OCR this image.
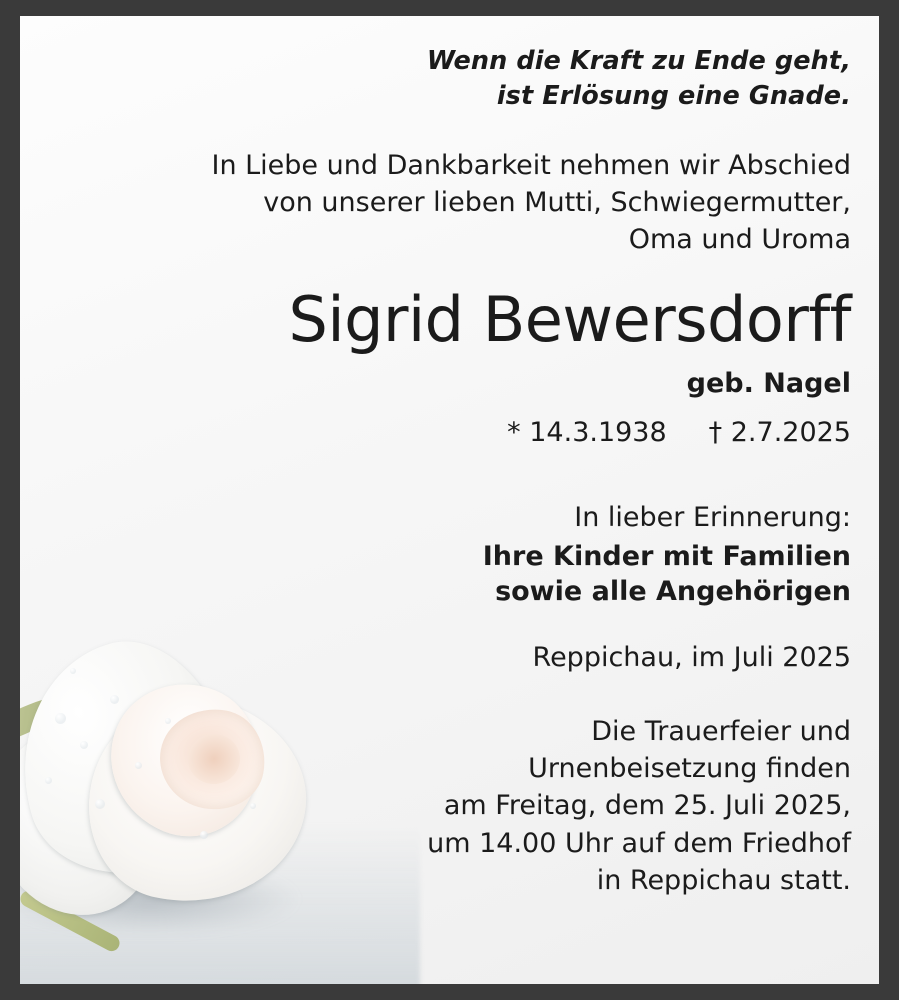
Wenn die Kraft zu Ende geht,
ist Erlösung eine Gnade.
In Liebe und Dankbarkeit nehmen wir Abschied
von unserer lieben Mutti, Schwiegermutter,
Oma und Uroma
Sigrid Bewersdorff
geb. Nagel
* 14.3.1938 † 2.7.2025
In lieber Erinnerung:
Ihre Kinder mit Familien
sowie alle Angehörigen
Reppichau, im Juli 2025
Die Trauerfeier und
Urnenbeisetzung finden
am Freitag, dem 25. Juli 2025,
um 14.00 Uhr auf dem Friedhof
in Reppichau statt.
